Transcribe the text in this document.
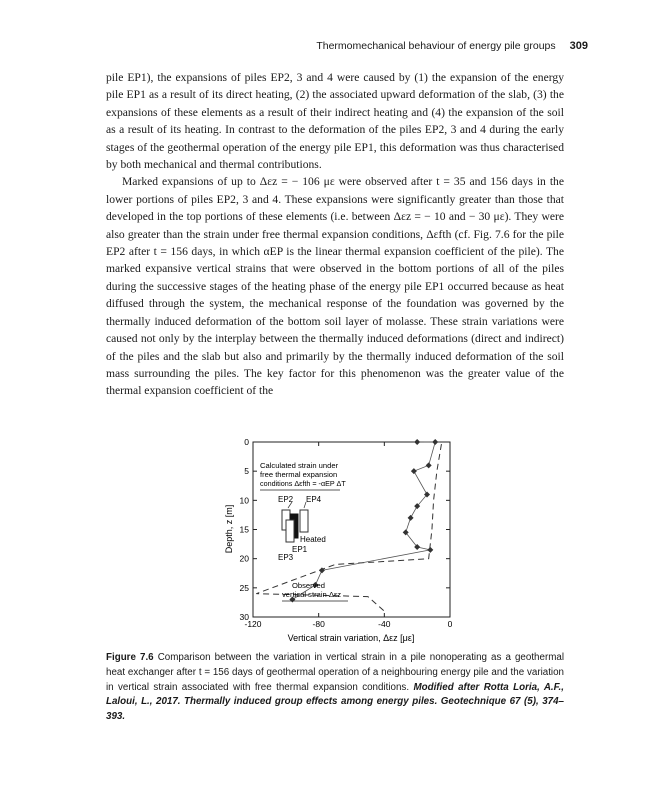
Thermomechanical behaviour of energy pile groups 309

pile EP1), the expansions of piles EP2, 3 and 4 were caused by (1) the expansion of the energy pile EP1 as a result of its direct heating, (2) the associated upward deformation of the slab, (3) the expansions of these elements as a result of their indirect heating and (4) the expansion of the soil as a result of its heating. In contrast to the deformation of the piles EP2, 3 and 4 during the early stages of the geothermal operation of the energy pile EP1, this deformation was thus characterised by both mechanical and thermal contributions.

Marked expansions of up to Δεz = − 106 με were observed after t = 35 and 156 days in the lower portions of piles EP2, 3 and 4. These expansions were significantly greater than those that developed in the top portions of these elements (i.e. between Δεz = − 10 and − 30 με). They were also greater than the strain under free thermal expansion conditions, Δεfth (cf. Fig. 7.6 for the pile EP2 after t = 156 days, in which αEP is the linear thermal expansion coefficient of the pile). The marked expansive vertical strains that were observed in the bottom portions of all of the piles during the successive stages of the heating phase of the energy pile EP1 occurred because as heat diffused through the system, the mechanical response of the foundation was governed by the thermally induced deformation of the bottom soil layer of molasse. These strain variations were caused not only by the interplay between the thermally induced deformations (direct and indirect) of the piles and the slab but also and primarily by the thermally induced deformation of the soil mass surrounding the piles. The key factor for this phenomenon was the greater value of the thermal expansion coefficient of the

-120	-80	-40	0
0
5
10
15
20
25
30
EP2 EP4
Heated
EP1
EP3
Calculated strain under
free thermal expansion
conditions Δεfth = -αEP ΔT
Observed
vertical strain Δεz
Vertical strain variation, Δεz [με]
Depth, z [m]
Figure 7.6 Comparison between the variation in vertical strain in a pile nonoperating as a geothermal heat exchanger after t = 156 days of geothermal operation of a neighbouring energy pile and the variation in vertical strain associated with free thermal expansion conditions. Modified after Rotta Loria, A.F., Laloui, L., 2017. Thermally induced group effects among energy piles. Geotechnique 67 (5), 374–393.
